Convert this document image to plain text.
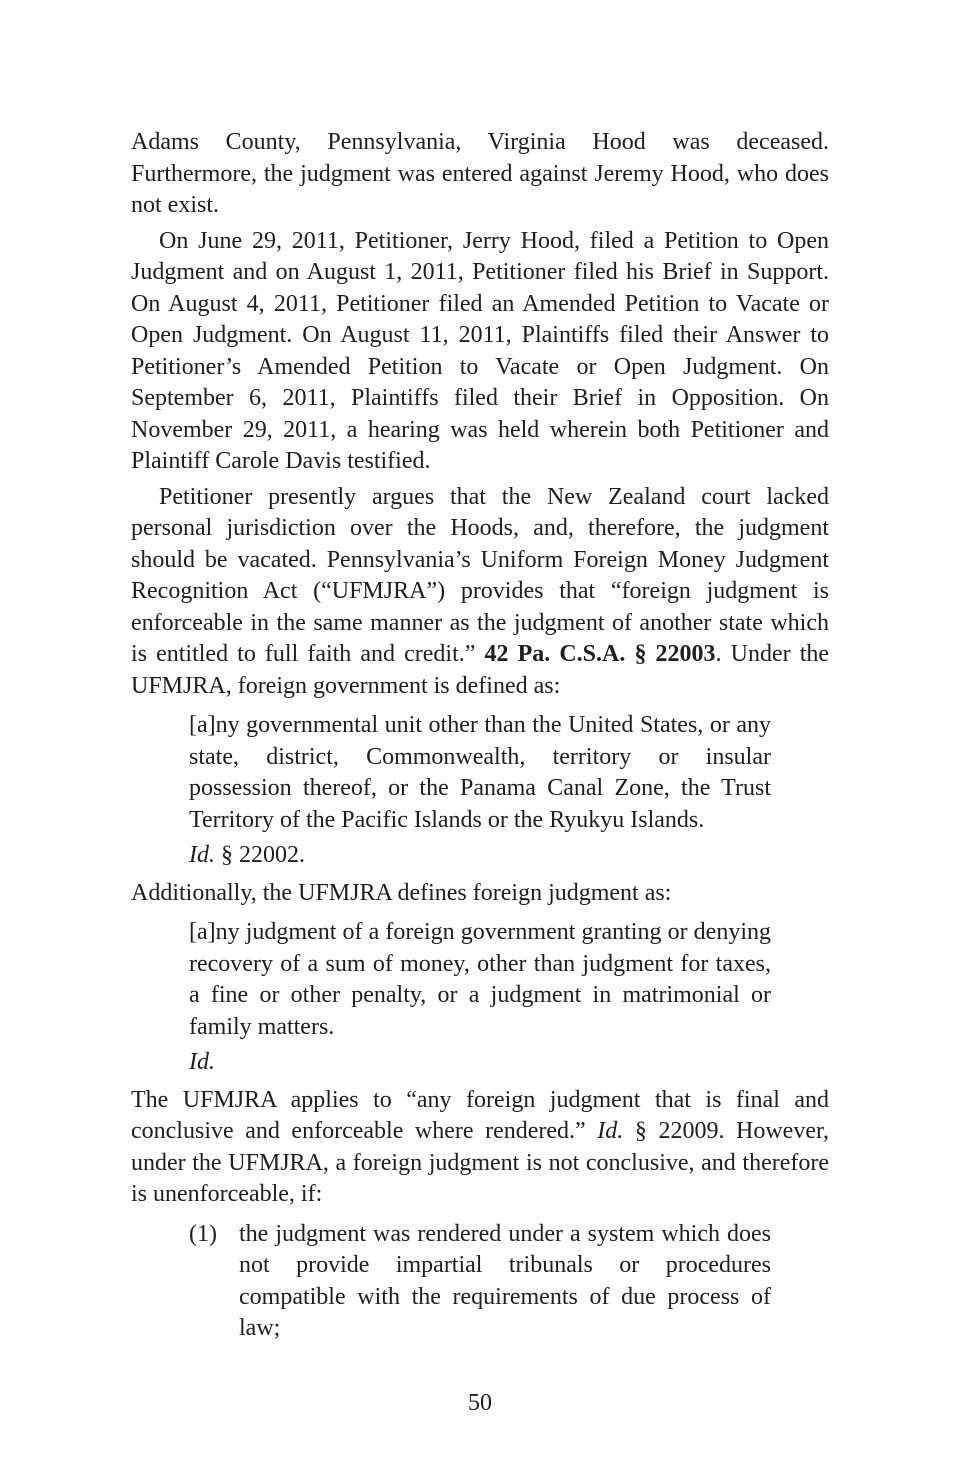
Adams County, Pennsylvania, Virginia Hood was deceased. Furthermore, the judgment was entered against Jeremy Hood, who does not exist.

On June 29, 2011, Petitioner, Jerry Hood, filed a Petition to Open Judgment and on August 1, 2011, Petitioner filed his Brief in Support. On August 4, 2011, Petitioner filed an Amended Petition to Vacate or Open Judgment. On August 11, 2011, Plaintiffs filed their Answer to Petitioner’s Amended Petition to Vacate or Open Judgment. On September 6, 2011, Plaintiffs filed their Brief in Opposition. On November 29, 2011, a hearing was held wherein both Petitioner and Plaintiff Carole Davis testified.

Petitioner presently argues that the New Zealand court lacked personal jurisdiction over the Hoods, and, therefore, the judgment should be vacated. Pennsylvania’s Uniform Foreign Money Judgment Recognition Act (“UFMJRA”) provides that “foreign judgment is enforceable in the same manner as the judgment of another state which is entitled to full faith and credit.” 42 Pa. C.S.A. § 22003. Under the UFMJRA, foreign government is defined as:

[a]ny governmental unit other than the United States, or any state, district, Commonwealth, territory or insular possession thereof, or the Panama Canal Zone, the Trust Territory of the Pacific Islands or the Ryukyu Islands.

Id. § 22002.

Additionally, the UFMJRA defines foreign judgment as:

[a]ny judgment of a foreign government granting or denying recovery of a sum of money, other than judgment for taxes, a fine or other penalty, or a judgment in matrimonial or family matters.

Id.

The UFMJRA applies to “any foreign judgment that is final and conclusive and enforceable where rendered.” Id. § 22009. However, under the UFMJRA, a foreign judgment is not conclusive, and therefore is unenforceable, if:

(1) the judgment was rendered under a system which does not provide impartial tribunals or procedures compatible with the requirements of due process of law;
50
